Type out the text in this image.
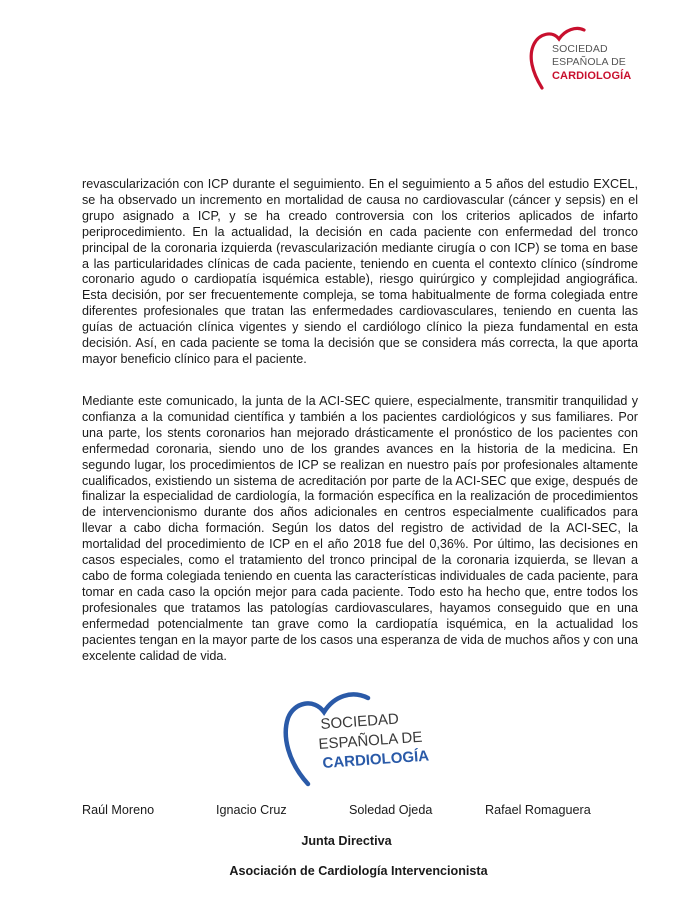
SOCIEDAD
ESPAÑOLA DE
CARDIOLOGÍA

revascularización con ICP durante el seguimiento. En el seguimiento a 5 años del estudio EXCEL, se ha observado un incremento en mortalidad de causa no cardiovascular (cáncer y sepsis) en el grupo asignado a ICP, y se ha creado controversia con los criterios aplicados de infarto periprocedimiento. En la actualidad, la decisión en cada paciente con enfermedad del tronco principal de la coronaria izquierda (revascularización mediante cirugía o con ICP) se toma en base a las particularidades clínicas de cada paciente, teniendo en cuenta el contexto clínico (síndrome coronario agudo o cardiopatía isquémica estable), riesgo quirúrgico y complejidad angiográfica. Esta decisión, por ser frecuentemente compleja, se toma habitualmente de forma colegiada entre diferentes profesionales que tratan las enfermedades cardiovasculares, teniendo en cuenta las guías de actuación clínica vigentes y siendo el cardiólogo clínico la pieza fundamental en esta decisión. Así, en cada paciente se toma la decisión que se considera más correcta, la que aporta mayor beneficio clínico para el paciente.

Mediante este comunicado, la junta de la ACI-SEC quiere, especialmente, transmitir tranquilidad y confianza a la comunidad científica y también a los pacientes cardiológicos y sus familiares. Por una parte, los stents coronarios han mejorado drásticamente el pronóstico de los pacientes con enfermedad coronaria, siendo uno de los grandes avances en la historia de la medicina. En segundo lugar, los procedimientos de ICP se realizan en nuestro país por profesionales altamente cualificados, existiendo un sistema de acreditación por parte de la ACI-SEC que exige, después de finalizar la especialidad de cardiología, la formación específica en la realización de procedimientos de intervencionismo durante dos años adicionales en centros especialmente cualificados para llevar a cabo dicha formación. Según los datos del registro de actividad de la ACI-SEC, la mortalidad del procedimiento de ICP en el año 2018 fue del 0,36%. Por último, las decisiones en casos especiales, como el tratamiento del tronco principal de la coronaria izquierda, se llevan a cabo de forma colegiada teniendo en cuenta las características individuales de cada paciente, para tomar en cada caso la opción mejor para cada paciente. Todo esto ha hecho que, entre todos los profesionales que tratamos las patologías cardiovasculares, hayamos conseguido que en una enfermedad potencialmente tan grave como la cardiopatía isquémica, en la actualidad los pacientes tengan en la mayor parte de los casos una esperanza de vida de muchos años y con una excelente calidad de vida.

SOCIEDAD
ESPAÑOLA DE
CARDIOLOGÍA
Raúl Moreno	Ignacio Cruz	Soledad Ojeda	Rafael Romaguera
Junta Directiva
Asociación de Cardiología Intervencionista
